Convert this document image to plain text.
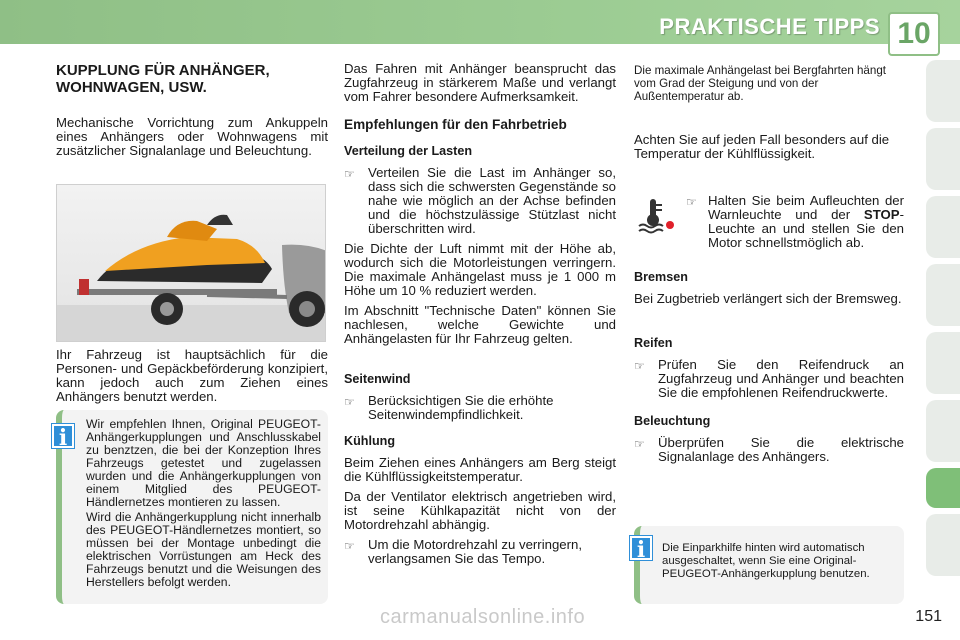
PRAKTISCHE TIPPS 10
KUPPLUNG FÜR ANHÄNGER, WOHNWAGEN, USW.

Mechanische Vorrichtung zum Ankuppeln eines Anhängers oder Wohnwagens mit zusätzlicher Signalanlage und Beleuchtung.

Ihr Fahrzeug ist hauptsächlich für die Personen- und Gepäckbeförderung konzipiert, kann jedoch auch zum Ziehen eines Anhängers benutzt werden.

Wir empfehlen Ihnen, Original PEUGEOT-Anhängerkupplungen und Anschlusskabel zu benztzen, die bei der Konzeption Ihres Fahrzeugs getestet und zugelassen wurden und die Anhängerkupplungen von einem Mitglied des PEUGEOT-Händlernetzes montieren zu lassen.

Wird die Anhängerkupplung nicht innerhalb des PEUGEOT-Händlernetzes montiert, so müssen bei der Montage unbedingt die elektrischen Vorrüstungen am Heck des Fahrzeugs benutzt und die Weisungen des Herstellers befolgt werden.

i

Das Fahren mit Anhänger beansprucht das Zugfahrzeug in stärkerem Maße und verlangt vom Fahrer besondere Aufmerksamkeit.

Empfehlungen für den Fahrbetrieb
Verteilung der Lasten
☞	Verteilen Sie die Last im Anhänger so, dass sich die schwersten Gegenstände so nahe wie möglich an der Achse befinden und die höchstzulässige Stützlast nicht überschritten wird.

Die Dichte der Luft nimmt mit der Höhe ab, wodurch sich die Motorleistungen verringern. Die maximale Anhängelast muss je 1 000 m Höhe um 10 % reduziert werden.

Im Abschnitt "Technische Daten" können Sie nachlesen, welche Gewichte und Anhängelasten für Ihr Fahrzeug gelten.

Seitenwind
☞	Berücksichtigen Sie die erhöhte Seitenwindempfindlichkeit.
Kühlung

Beim Ziehen eines Anhängers am Berg steigt die Kühlflüssigkeitstemperatur.

Da der Ventilator elektrisch angetrieben wird, ist seine Kühlkapazität nicht von der Motordrehzahl abhängig.

☞	Um die Motordrehzahl zu verringern, verlangsamen Sie das Tempo.

Die maximale Anhängelast bei Bergfahrten hängt vom Grad der Steigung und von der Außentemperatur ab.

Achten Sie auf jeden Fall besonders auf die Temperatur der Kühlflüssigkeit.

☞ Halten Sie beim Aufleuchten der Warnleuchte und der STOP-Leuchte an und stellen Sie den Motor schnellstmöglich ab.
Bremsen

Bei Zugbetrieb verlängert sich der Bremsweg.

Reifen
☞	Prüfen Sie den Reifendruck an Zugfahrzeug und Anhänger und beachten Sie die empfohlenen Reifendruckwerte.
Beleuchtung
☞	Überprüfen Sie die elektrische Signalanlage des Anhängers.

Die Einparkhilfe hinten wird automatisch ausgeschaltet, wenn Sie eine Original-PEUGEOT-Anhängerkupplung benutzen.

i
carmanualsonline.info	151
